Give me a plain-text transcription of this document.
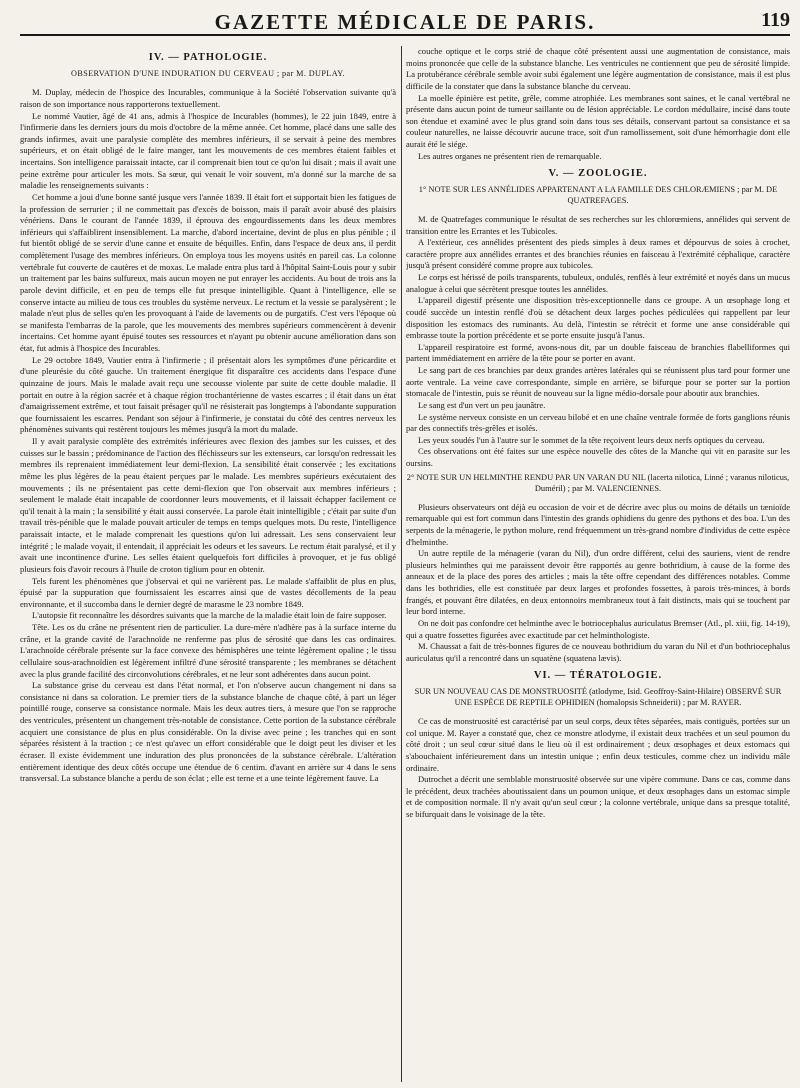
GAZETTE MÉDICALE DE PARIS.	119
IV. — PATHOLOGIE.

OBSERVATION D'UNE INDURATION DU CERVEAU ; par M. DUPLAY.

M. Duplay, médecin de l'hospice des Incurables, communique à la Société l'observation suivante qu'à raison de son importance nous rapporterons textuellement.

Le nommé Vautier, âgé de 41 ans, admis à l'hospice de Incurables (hommes), le 22 juin 1849, entre à l'infirmerie dans les derniers jours du mois d'octobre de la même année. Cet homme, placé dans une salle des grands infirmes, avait une paralysie complète des membres inférieurs, il se servait à peine des membres supérieurs, et on était obligé de le faire manger, tant les mouvements de ces membres étaient faibles et incertains. Son intelligence paraissait intacte, car il comprenait bien tout ce qu'on lui disait ; mais il avait une peine extrême pour articuler les mots. Sa sœur, qui venait le voir souvent, m'a donné sur la marche de sa maladie les renseignements suivants :

Cet homme a joui d'une bonne santé jusque vers l'année 1839. Il était fort et supportait bien les fatigues de la profession de serrurier ; il ne commettait pas d'excès de boisson, mais il paraît avoir abusé des plaisirs vénériens. Dans le courant de l'année 1839, il éprouva des engourdissements dans les deux membres inférieurs qui s'affaiblirent insensiblement. La marche, d'abord incertaine, devint de plus en plus pénible ; il fut bientôt obligé de se servir d'une canne et ensuite de béquilles. Enfin, dans l'espace de deux ans, il perdit complètement l'usage des membres inférieurs. On employa tous les moyens usités en pareil cas. La colonne vertébrale fut couverte de cautères et de moxas. Le malade entra plus tard à l'hôpital Saint-Louis pour y subir un traitement par les bains sulfureux, mais aucun moyen ne put enrayer les accidents. Au bout de trois ans la parole devint difficile, et en peu de temps elle fut presque inintelligible. Quant à l'intelligence, elle se conserve intacte au milieu de tous ces troubles du système nerveux. Le rectum et la vessie se paralysèrent ; le malade n'eut plus de selles qu'en les provoquant à l'aide de lavements ou de purgatifs. C'est vers l'époque où se manifesta l'embarras de la parole, que les mouvements des membres supérieurs commencèrent à devenir incertains. Cet homme ayant épuisé toutes ses ressources et n'ayant pu obtenir aucune amélioration dans son état, fut admis à l'hospice des Incurables.

Le 29 octobre 1849, Vautier entra à l'infirmerie ; il présentait alors les symptômes d'une péricardite et d'une pleurésie du côté gauche. Un traitement énergique fit disparaître ces accidents dans l'espace d'une quinzaine de jours. Mais le malade avait reçu une secousse violente par suite de cette double maladie. Il portait en outre à la région sacrée et à chaque région trochantérienne de vastes escarres ; il était dans un état d'amaigrissement extrême, et tout faisait présager qu'il ne résisterait pas longtemps à l'abondante suppuration que fournissaient les escarres. Pendant son séjour à l'infirmerie, je constatai du côté des centres nerveux les phénomènes suivants qui restèrent toujours les mêmes jusqu'à la mort du malade.

Il y avait paralysie complète des extrémités inférieures avec flexion des jambes sur les cuisses, et des cuisses sur le bassin ; prédominance de l'action des fléchisseurs sur les extenseurs, car lorsqu'on redressait les membres ils reprenaient immédiatement leur demi-flexion. La sensibilité était conservée ; les excitations même les plus légères de la peau étaient perçues par le malade. Les membres supérieurs exécutaient des mouvements ; ils ne présentaient pas cette demi-flexion que l'on observait aux membres inférieurs ; seulement le malade était incapable de coordonner leurs mouvements, et il laissait échapper facilement ce qu'il tenait à la main ; la sensibilité y était aussi conservée. La parole était inintelligible ; c'était par suite d'un travail très-pénible que le malade pouvait articuler de temps en temps quelques mots. Du reste, l'intelligence paraissait intacte, et le malade comprenait les questions qu'on lui adressait. Les sens conservaient leur intégrité ; le malade voyait, il entendait, il appréciait les odeurs et les saveurs. Le rectum était paralysé, et il y avait une incontinence d'urine. Les selles étaient quelquefois fort difficiles à provoquer, et je fus obligé plusieurs fois d'avoir recours à l'huile de croton tiglium pour en obtenir.

Tels furent les phénomènes que j'observai et qui ne varièrent pas. Le malade s'affaiblit de plus en plus, épuisé par la suppuration que fournissaient les escarres ainsi que de vastes décollements de la peau environnante, et il succomba dans le dernier degré de marasme le 23 nombre 1849.

L'autopsie fit reconnaître les désordres suivants que la marche de la maladie était loin de faire supposer.

Tête. Les os du crâne ne présentent rien de particulier. La dure-mère n'adhère pas à la surface interne du crâne, et la grande cavité de l'arachnoïde ne renferme pas plus de sérosité que dans les cas ordinaires. L'arachnoïde cérébrale présente sur la face convexe des hémisphères une teinte légèrement opaline ; le tissu cellulaire sous-arachnoïdien est légèrement infiltré d'une sérosité transparente ; les membranes se détachent avec la plus grande facilité des circonvolutions cérébrales, et ne leur sont adhérentes dans aucun point.

La substance grise du cerveau est dans l'état normal, et l'on n'observe aucun changement ni dans sa consistance ni dans sa coloration. Le premier tiers de la substance blanche de chaque côté, à part un léger pointillé rouge, conserve sa consistance normale. Mais les deux autres tiers, à mesure que l'on se rapproche des ventricules, présentent un changement très-notable de consistance. Cette portion de la substance cérébrale acquiert une consistance de plus en plus considérable. On la divise avec peine ; les tranches qui en sont séparées résistent à la traction ; ce n'est qu'avec un effort considérable que le doigt peut les diviser et les écraser. Il existe évidemment une induration des plus prononcées de la substance cérébrale. L'altération entièrement identique des deux côtés occupe une étendue de 6 centim. d'avant en arrière sur 4 dans le sens transversal. La substance blanche a perdu de son éclat ; elle est terne et a une teinte légèrement fauve. La

couche optique et le corps strié de chaque côté présentent aussi une augmentation de consistance, mais moins prononcée que celle de la substance blanche. Les ventricules ne contiennent que peu de sérosité limpide. La protubérance cérébrale semble avoir subi également une légère augmentation de consistance, mais il est plus difficile de la constater que dans la substance blanche du cerveau.

La moelle épinière est petite, grêle, comme atrophiée. Les membranes sont saines, et le canal vertébral ne présente dans aucun point de tumeur saillante ou de lésion appréciable. Le cordon médullaire, incisé dans toute son étendue et examiné avec le plus grand soin dans tous ses détails, conservant partout sa consistance et sa couleur naturelles, ne laisse découvrir aucune trace, soit d'un ramollissement, soit d'une hémorrhagie dont elle aurait été le siége.

Les autres organes ne présentent rien de remarquable.

V. — ZOOLOGIE.

1° NOTE SUR LES ANNÉLIDES APPARTENANT A LA FAMILLE DES CHLORÆMIENS ; par M. DE QUATREFAGES.

M. de Quatrefages communique le résultat de ses recherches sur les chlorœmiens, annélides qui servent de transition entre les Errantes et les Tubicoles.

A l'extérieur, ces annélides présentent des pieds simples à deux rames et dépourvus de soies à crochet, caractère propre aux annélides errantes et des branchies réunies en faisceau à l'extrémité céphalique, caractère jusqu'à présent considéré comme propre aux tubicoles.

Le corps est hérissé de poils transparents, tubuleux, ondulés, renflés à leur extrémité et noyés dans un mucus analogue à celui que sécrètent presque toutes les annélides.

L'appareil digestif présente une disposition très-exceptionnelle dans ce groupe. A un œsophage long et coudé succède un intestin renflé d'où se détachent deux larges poches pédiculées qui rappellent par leur disposition les estomacs des ruminants. Au delà, l'intestin se rétrécit et forme une anse considérable qui embrasse toute la portion précédente et se porte ensuite jusqu'à l'anus.

L'appareil respiratoire est formé, avons-nous dit, par un double faisceau de branchies flabelliformes qui partent immédiatement en arrière de la tête pour se porter en avant.

Le sang part de ces branchies par deux grandes artères latérales qui se réunissent plus tard pour former une aorte ventrale. La veine cave correspondante, simple en arrière, se bifurque pour se porter sur la portion stomacale de l'intestin, puis se réunit de nouveau sur la ligne médio-dorsale pour aboutir aux branchies.

Le sang est d'un vert un peu jaunâtre.

Le système nerveux consiste en un cerveau bilobé et en une chaîne ventrale formée de forts ganglions réunis par des connectifs très-grêles et isolés.

Les yeux soudés l'un à l'autre sur le sommet de la tête reçoivent leurs deux nerfs optiques du cerveau.

Ces observations ont été faites sur une espèce nouvelle des côtes de la Manche qui vit en parasite sur les oursins.

2° NOTE SUR UN HELMINTHE RENDU PAR UN VARAN DU NIL (lacerta nilotica, Linné ; varanus niloticus, Duméril) ; par M. VALENCIENNES.

Plusieurs observateurs ont déjà eu occasion de voir et de décrire avec plus ou moins de détails un tænioïde remarquable qui est fort commun dans l'intestin des grands ophidiens du genre des pythons et des boa. L'un des serpents de la ménagerie, le python molure, rend fréquemment un très-grand nombre d'individus de cette espèce d'helminthe.

Un autre reptile de la ménagerie (varan du Nil), d'un ordre différent, celui des sauriens, vient de rendre plusieurs helminthes qui me paraissent devoir être rapportés au genre bothridium, à cause de la forme des anneaux et de la place des pores des articles ; mais la tête offre cependant des différences notables. Comme dans les bothridies, elle est constituée par deux larges et profondes fossettes, à parois très-minces, à bords frangés, et pouvant être dilatées, en deux entonnoirs membraneux tout à fait distincts, mais qui se touchent par leur bord interne.

On ne doit pas confondre cet helminthe avec le botriocephalus auriculatus Bremser (Atl., pl. xiii, fig. 14-19), qui a quatre fossettes figurées avec exactitude par cet helminthologiste.

M. Chaussat a fait de très-bonnes figures de ce nouveau bothridium du varan du Nil et d'un bothriocephalus auriculatus qu'il a rencontré dans un squatène (squatena lævis).

VI. — TÉRATOLOGIE.

SUR UN NOUVEAU CAS DE MONSTRUOSITÉ (atlodyme, Isid. Geoffroy-Saint-Hilaire) OBSERVÉ SUR UNE ESPÈCE DE REPTILE OPHIDIEN (homalopsis Schneiderii) ; par M. RAYER.

Ce cas de monstruosité est caractérisé par un seul corps, deux têtes séparées, mais contiguës, portées sur un col unique. M. Rayer a constaté que, chez ce monstre atlodyme, il existait deux trachées et un seul poumon du côté droit ; un seul cœur situé dans le lieu où il est ordinairement ; deux œsophages et deux estomacs qui s'abouchaient inférieurement dans un intestin unique ; enfin deux testicules, comme chez un individu mâle ordinaire.

Dutrochet a décrit une semblable monstruosité observée sur une vipère commune. Dans ce cas, comme dans le précédent, deux trachées aboutissaient dans un poumon unique, et deux œsophages dans un estomac simple et de composition normale. Il n'y avait qu'un seul cœur ; la colonne vertébrale, unique dans sa presque totalité, se bifurquait dans le voisinage de la tête.
